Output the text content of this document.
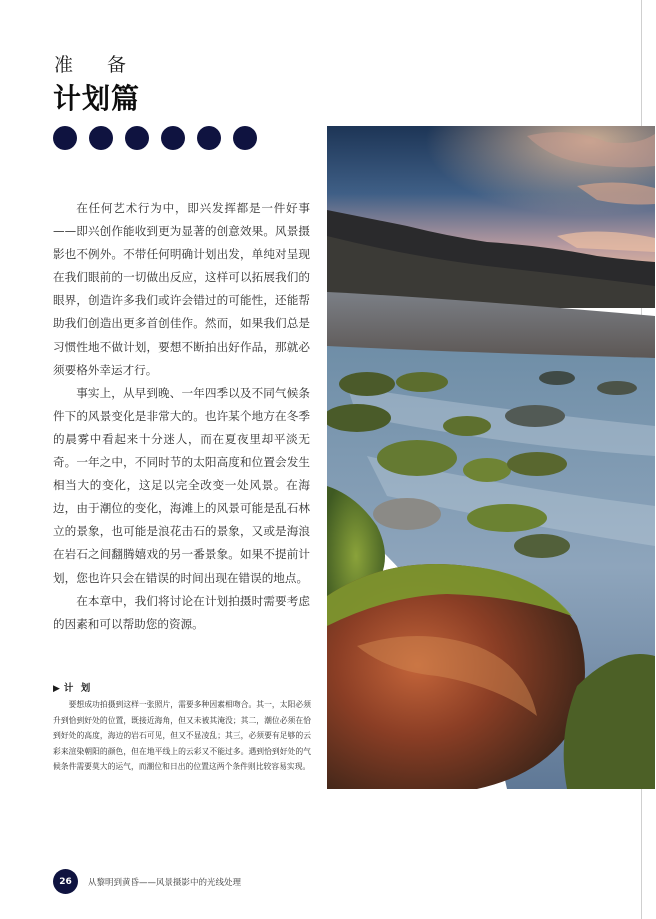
准 备
计划篇

在任何艺术行为中，即兴发挥都是一件好事——即兴创作能收到更为显著的创意效果。风景摄影也不例外。不带任何明确计划出发，单纯对呈现在我们眼前的一切做出反应，这样可以拓展我们的眼界，创造许多我们或许会错过的可能性，还能帮助我们创造出更多首创佳作。然而，如果我们总是习惯性地不做计划，要想不断拍出好作品，那就必须要格外幸运才行。

事实上，从早到晚、一年四季以及不同气候条件下的风景变化是非常大的。也许某个地方在冬季的晨雾中看起来十分迷人，而在夏夜里却平淡无奇。一年之中，不同时节的太阳高度和位置会发生相当大的变化，这足以完全改变一处风景。在海边，由于潮位的变化，海滩上的风景可能是乱石林立的景象，也可能是浪花击石的景象，又或是海浪在岩石之间翻腾嬉戏的另一番景象。如果不提前计划，您也许只会在错误的时间出现在错误的地点。

在本章中，我们将讨论在计划拍摄时需要考虑的因素和可以帮助您的资源。

▶ 计 划

要想成功拍摄到这样一张照片，需要多种因素相吻合。其一，太阳必须升到恰到好处的位置，既接近海角，但又未被其淹没；其二，潮位必须在恰到好处的高度，海边的岩石可见，但又不显凌乱；其三，必须要有足够的云彩来渲染朝阳的颜色，但在地平线上的云彩又不能过多。遇到恰到好处的气候条件需要莫大的运气，而潮位和日出的位置这两个条件则比较容易实现。

26	从黎明到黄昏——风景摄影中的光线处理
